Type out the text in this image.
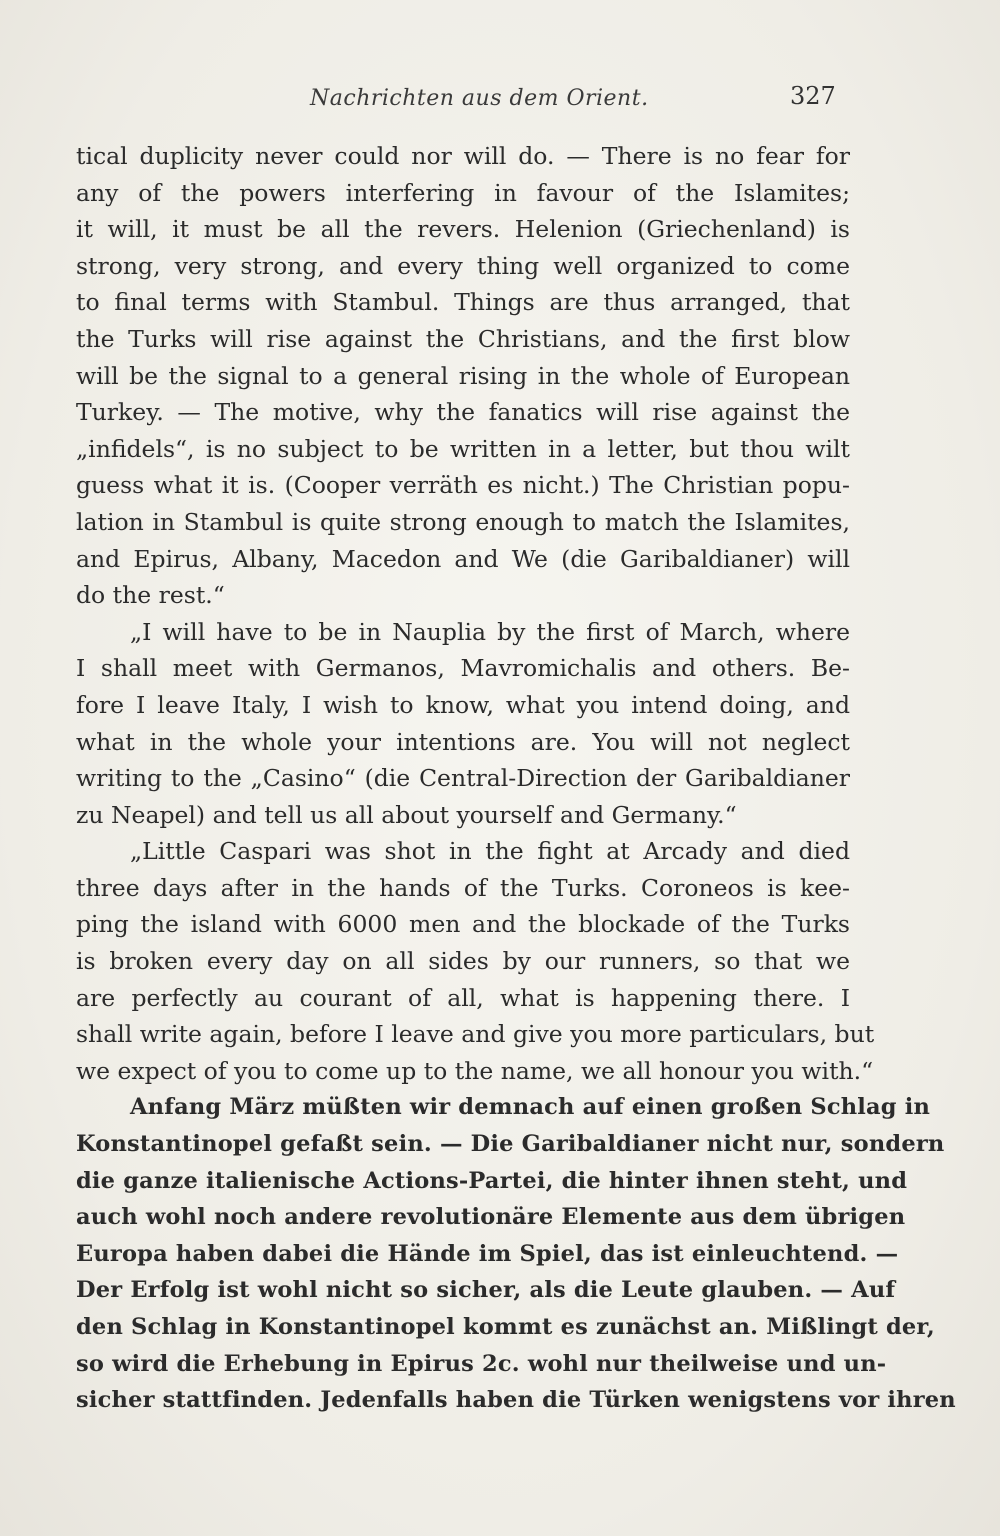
Nachrichten aus dem Orient.	327
tical duplicity never could nor will do. — There is no fear for
any of the powers interfering in favour of the Islamites;
it will, it must be all the revers. Helenion (Griechenland) is
strong, very strong, and every thing well organized to come
to final terms with Stambul. Things are thus arranged, that
the Turks will rise against the Christians, and the first blow
will be the signal to a general rising in the whole of European
Turkey. — The motive, why the fanatics will rise against the
„infidels“, is no subject to be written in a letter, but thou wilt
guess what it is. (Cooper verräth es nicht.) The Christian popu-
lation in Stambul is quite strong enough to match the Islamites,
and Epirus, Albany, Macedon and We (die Garibaldianer) will
do the rest.“
„I will have to be in Nauplia by the first of March, where
I shall meet with Germanos, Mavromichalis and others. Be-
fore I leave Italy, I wish to know, what you intend doing, and
what in the whole your intentions are. You will not neglect
writing to the „Casino“ (die Central-Direction der Garibaldianer
zu Neapel) and tell us all about yourself and Germany.“
„Little Caspari was shot in the fight at Arcady and died
three days after in the hands of the Turks. Coroneos is kee-
ping the island with 6000 men and the blockade of the Turks
is broken every day on all sides by our runners, so that we
are perfectly au courant of all, what is happening there. I
shall write again, before I leave and give you more particulars, but
we expect of you to come up to the name, we all honour you with.“
Anfang März müßten wir demnach auf einen großen Schlag in
Konstantinopel gefaßt sein. — Die Garibaldianer nicht nur, sondern
die ganze italienische Actions-Partei, die hinter ihnen steht, und
auch wohl noch andere revolutionäre Elemente aus dem übrigen
Europa haben dabei die Hände im Spiel, das ist einleuchtend. —
Der Erfolg ist wohl nicht so sicher, als die Leute glauben. — Auf
den Schlag in Konstantinopel kommt es zunächst an. Mißlingt der,
so wird die Erhebung in Epirus 2c. wohl nur theilweise und un-
sicher stattfinden. Jedenfalls haben die Türken wenigstens vor ihren
